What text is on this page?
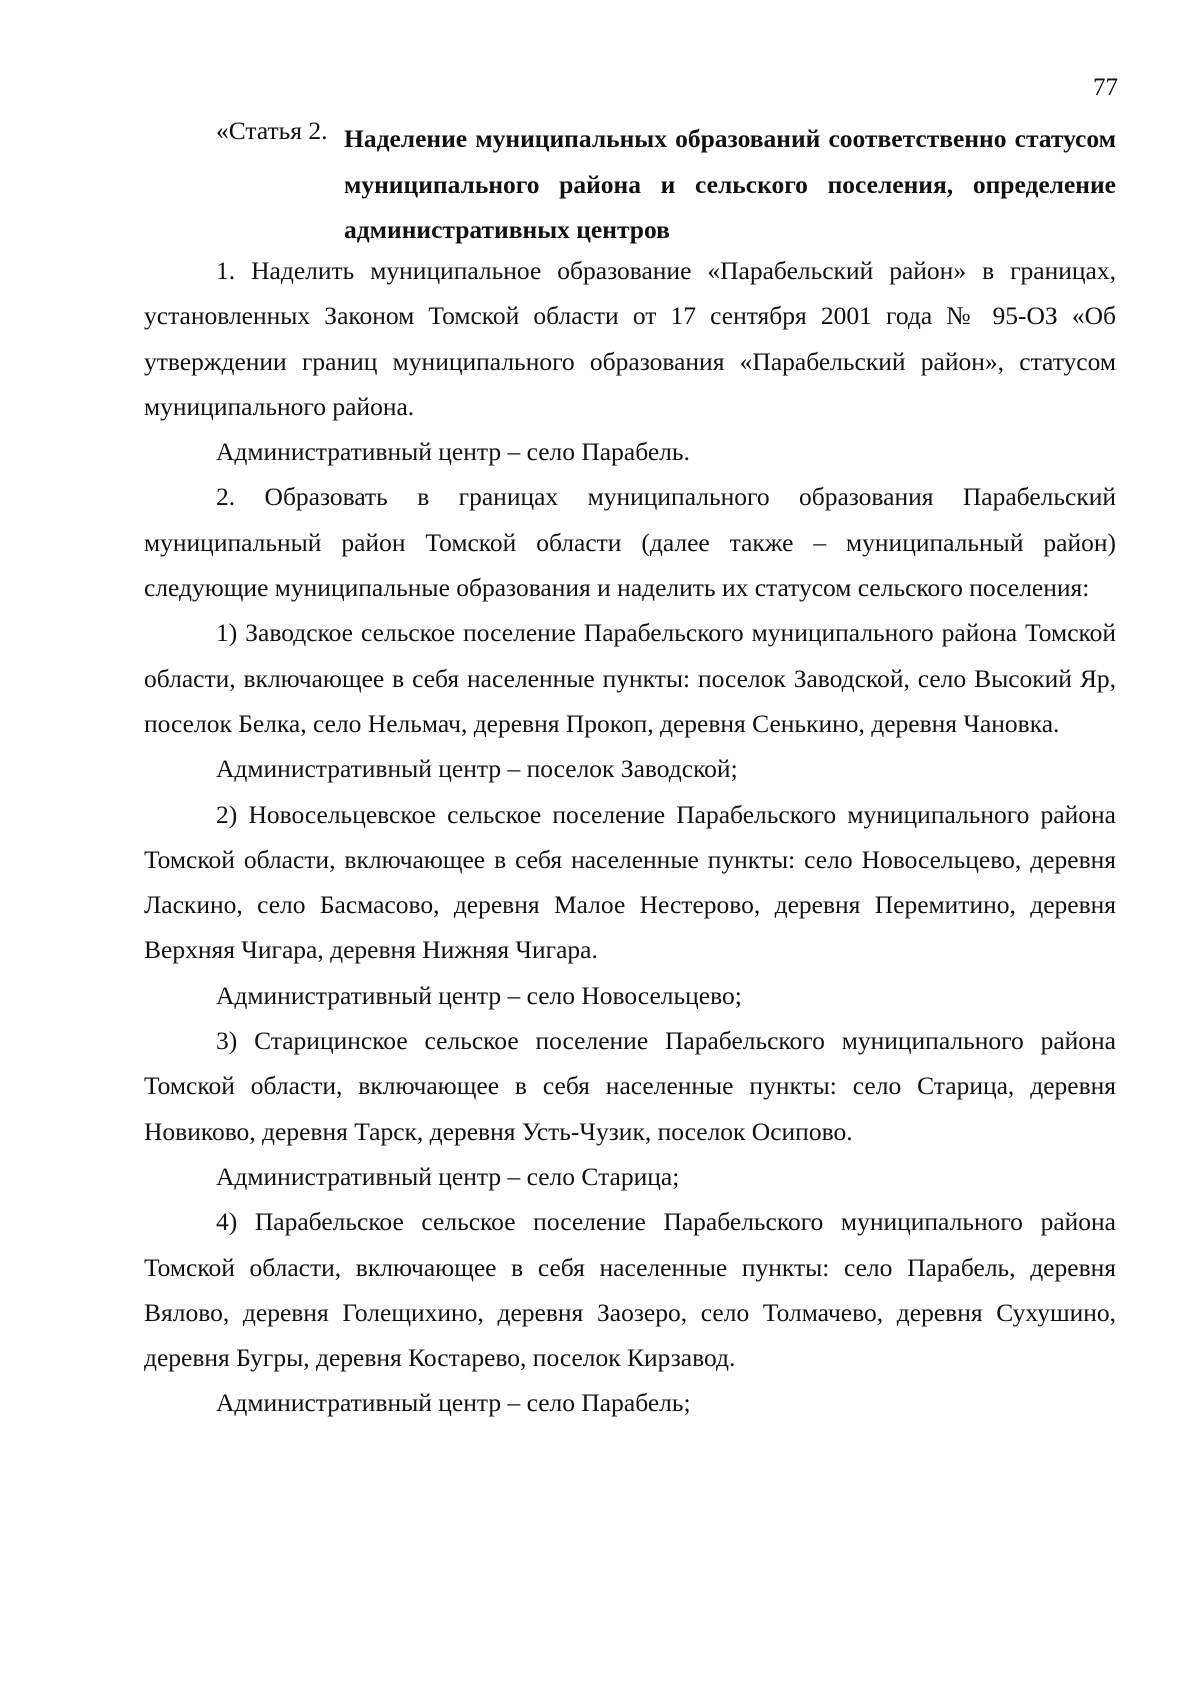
77
«Статья 2. Наделение муниципальных образований соответственно статусом муниципального района и сельского поселения, определение административных центров

1. Наделить муниципальное образование «Парабельский район» в границах, установленных Законом Томской области от 17 сентября 2001 года № 95-ОЗ «Об утверждении границ муниципального образования «Парабельский район», статусом муниципального района.

Административный центр – село Парабель.

2. Образовать в границах муниципального образования Парабельский муниципальный район Томской области (далее также – муниципальный район) следующие муниципальные образования и наделить их статусом сельского поселения:

1) Заводское сельское поселение Парабельского муниципального района Томской области, включающее в себя населенные пункты: поселок Заводской, село Высокий Яр, поселок Белка, село Нельмач, деревня Прокоп, деревня Сенькино, деревня Чановка.

Административный центр – поселок Заводской;

2) Новосельцевское сельское поселение Парабельского муниципального района Томской области, включающее в себя населенные пункты: село Новосельцево, деревня Ласкино, село Басмасово, деревня Малое Нестерово, деревня Перемитино, деревня Верхняя Чигара, деревня Нижняя Чигара.

Административный центр – село Новосельцево;

3) Старицинское сельское поселение Парабельского муниципального района Томской области, включающее в себя населенные пункты: село Старица, деревня Новиково, деревня Тарск, деревня Усть-Чузик, поселок Осипово.

Административный центр – село Старица;

4) Парабельское сельское поселение Парабельского муниципального района Томской области, включающее в себя населенные пункты: село Парабель, деревня Вялово, деревня Голещихино, деревня Заозеро, село Толмачево, деревня Сухушино, деревня Бугры, деревня Костарево, поселок Кирзавод.

Административный центр – село Парабель;
